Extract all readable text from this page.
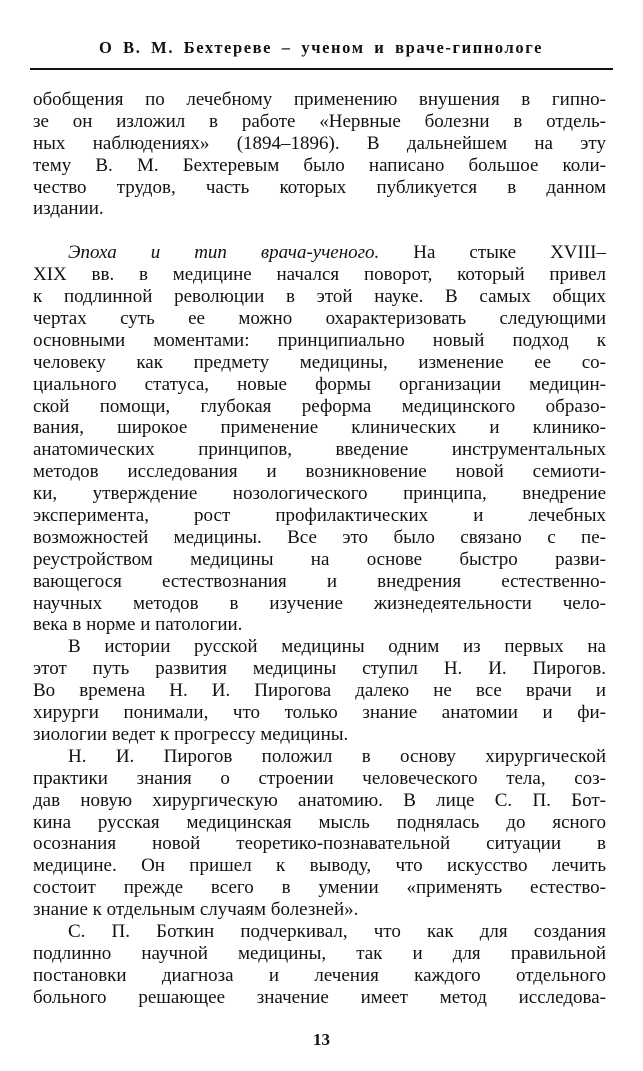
О В. М. Бехтереве – ученом и враче-гипнологе
обобщения по лечебному применению внушения в гипно-
зе он изложил в работе «Нервные болезни в отдель-
ных наблюдениях» (1894–1896). В дальнейшем на эту
тему В. М. Бехтеревым было написано большое коли-
чество трудов, часть которых публикуется в данном
издании.
Эпоха и тип врача-ученого. На стыке XVIII–
XIX вв. в медицине начался поворот, который привел
к подлинной революции в этой науке. В самых общих
чертах суть ее можно охарактеризовать следующими
основными моментами: принципиально новый подход к
человеку как предмету медицины, изменение ее со-
циального статуса, новые формы организации медицин-
ской помощи, глубокая реформа медицинского образо-
вания, широкое применение клинических и клинико-
анатомических принципов, введение инструментальных
методов исследования и возникновение новой семиоти-
ки, утверждение нозологического принципа, внедрение
эксперимента, рост профилактических и лечебных
возможностей медицины. Все это было связано с пе-
реустройством медицины на основе быстро разви-
вающегося естествознания и внедрения естественно-
научных методов в изучение жизнедеятельности чело-
века в норме и патологии.
В истории русской медицины одним из первых на
этот путь развития медицины ступил Н. И. Пирогов.
Во времена Н. И. Пирогова далеко не все врачи и
хирурги понимали, что только знание анатомии и фи-
зиологии ведет к прогрессу медицины.
Н. И. Пирогов положил в основу хирургической
практики знания о строении человеческого тела, соз-
дав новую хирургическую анатомию. В лице С. П. Бот-
кина русская медицинская мысль поднялась до ясного
осознания новой теоретико-познавательной ситуации в
медицине. Он пришел к выводу, что искусство лечить
состоит прежде всего в умении «применять естество-
знание к отдельным случаям болезней».
С. П. Боткин подчеркивал, что как для создания
подлинно научной медицины, так и для правильной
постановки диагноза и лечения каждого отдельного
больного решающее значение имеет метод исследова-
13
